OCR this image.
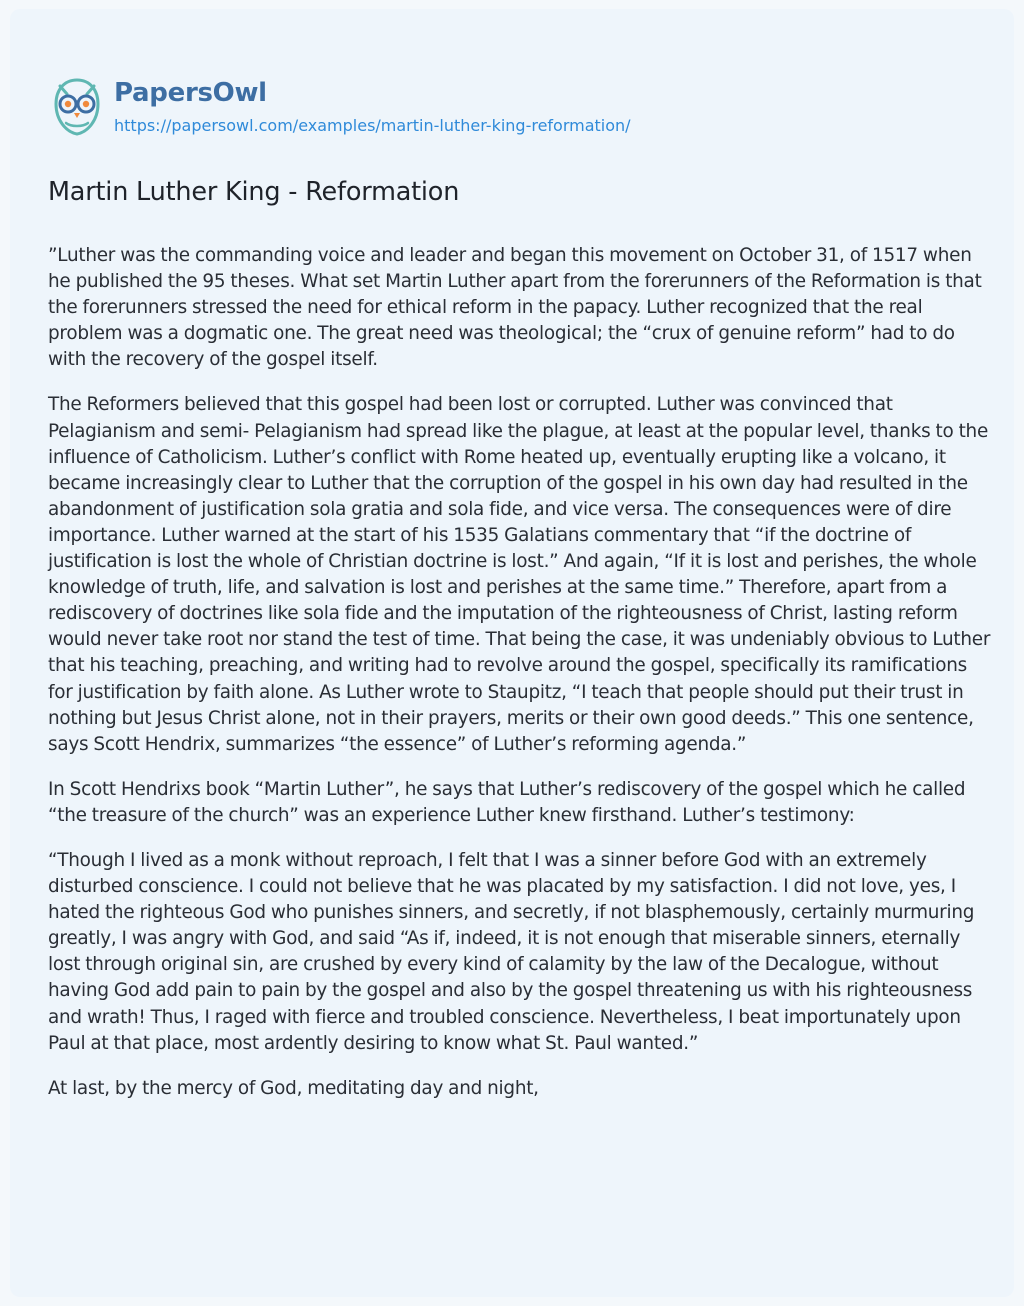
PapersOwl
https://papersowl.com/examples/martin-luther-king-reformation/
Martin Luther King - Reformation

”Luther was the commanding voice and leader and began this movement on October 31, of 1517 when he published the 95 theses. What set Martin Luther apart from the forerunners of the Reformation is that the forerunners stressed the need for ethical reform in the papacy. Luther recognized that the real problem was a dogmatic one. The great need was theological; the “crux of genuine reform” had to do with the recovery of the gospel itself.

The Reformers believed that this gospel had been lost or corrupted. Luther was convinced that Pelagianism and semi- Pelagianism had spread like the plague, at least at the popular level, thanks to the influence of Catholicism. Luther’s conflict with Rome heated up, eventually erupting like a volcano, it became increasingly clear to Luther that the corruption of the gospel in his own day had resulted in the abandonment of justification sola gratia and sola fide, and vice versa. The consequences were of dire importance. Luther warned at the start of his 1535 Galatians commentary that “if the doctrine of justification is lost the whole of Christian doctrine is lost.” And again, “If it is lost and perishes, the whole knowledge of truth, life, and salvation is lost and perishes at the same time.” Therefore, apart from a rediscovery of doctrines like sola fide and the imputation of the righteousness of Christ, lasting reform would never take root nor stand the test of time. That being the case, it was undeniably obvious to Luther that his teaching, preaching, and writing had to revolve around the gospel, specifically its ramifications for justification by faith alone. As Luther wrote to Staupitz, “I teach that people should put their trust in nothing but Jesus Christ alone, not in their prayers, merits or their own good deeds.” This one sentence, says Scott Hendrix, summarizes “the essence” of Luther’s reforming agenda.”

In Scott Hendrixs book “Martin Luther”, he says that Luther’s rediscovery of the gospel which he called “the treasure of the church” was an experience Luther knew firsthand. Luther’s testimony:

“Though I lived as a monk without reproach, I felt that I was a sinner before God with an extremely disturbed conscience. I could not believe that he was placated by my satisfaction. I did not love, yes, I hated the righteous God who punishes sinners, and secretly, if not blasphemously, certainly murmuring greatly, I was angry with God, and said “As if, indeed, it is not enough that miserable sinners, eternally lost through original sin, are crushed by every kind of calamity by the law of the Decalogue, without having God add pain to pain by the gospel and also by the gospel threatening us with his righteousness and wrath! Thus, I raged with fierce and troubled conscience. Nevertheless, I beat importunately upon Paul at that place, most ardently desiring to know what St. Paul wanted.”

At last, by the mercy of God, meditating day and night,
